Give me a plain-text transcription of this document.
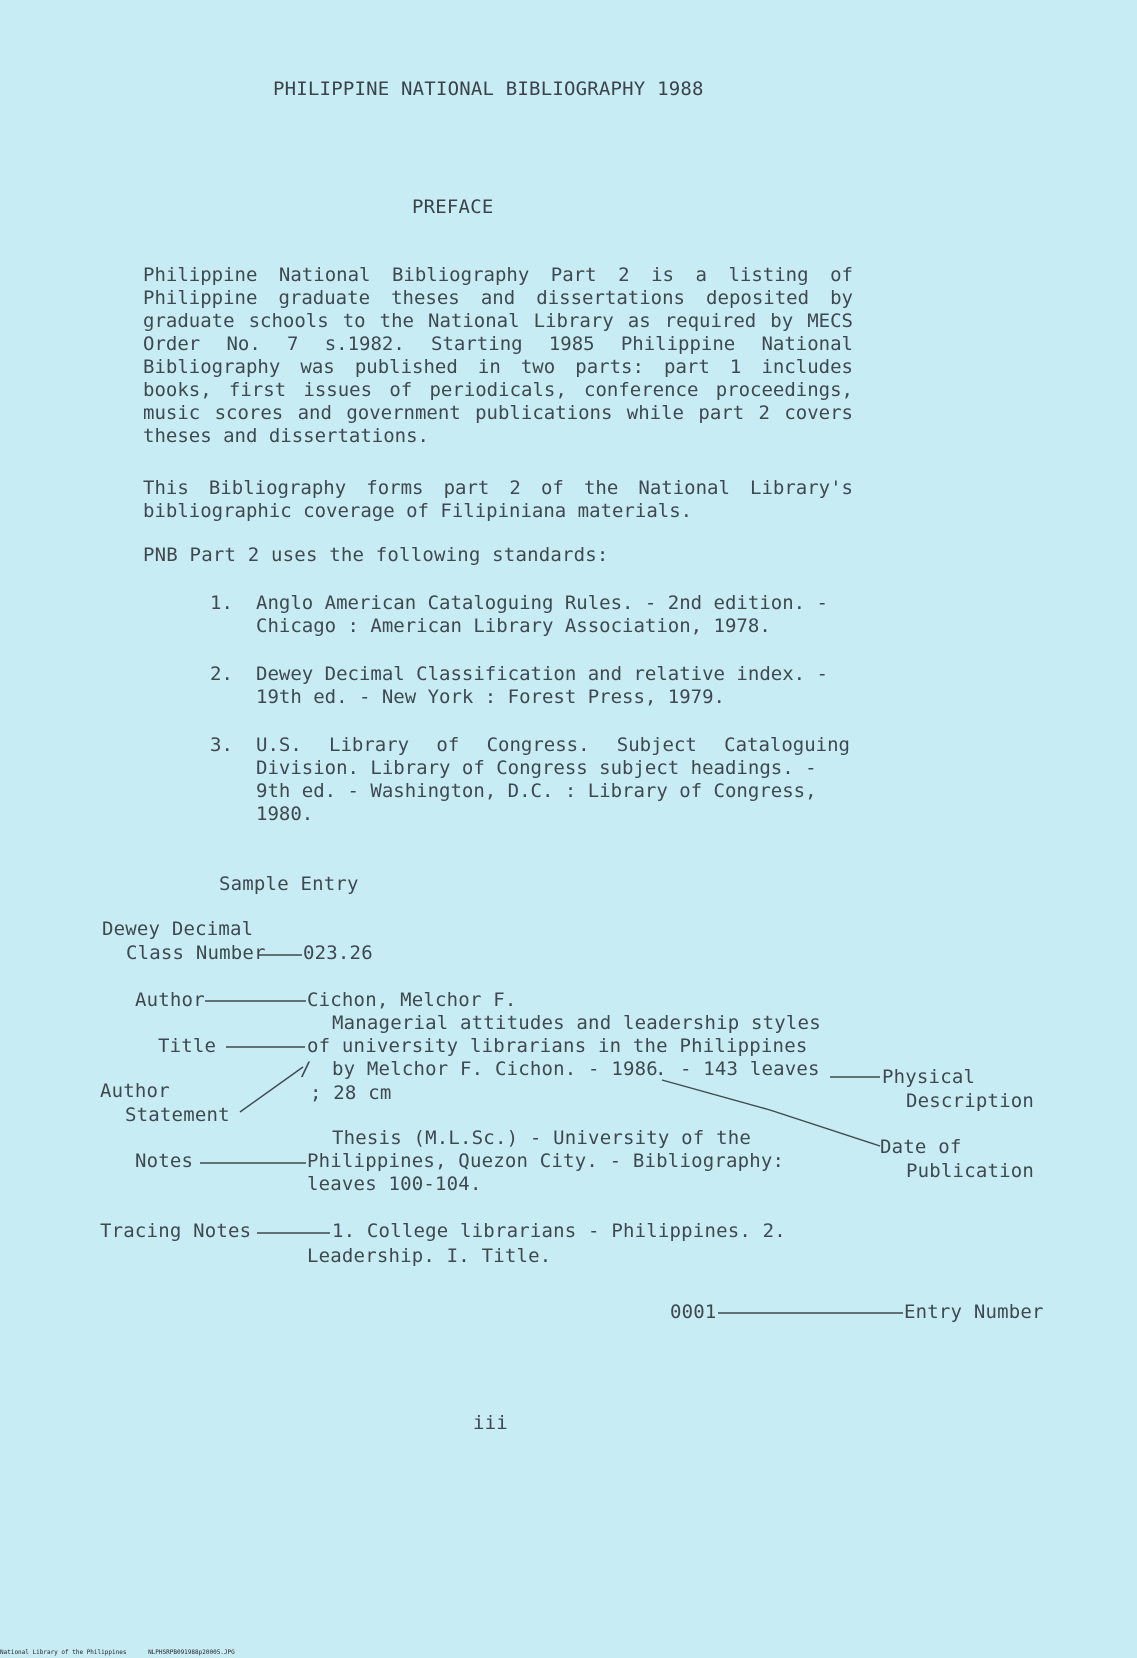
PHILIPPINE NATIONAL BIBLIOGRAPHY 1988
PREFACE
Philippine National Bibliography Part 2 is a listing of
Philippine graduate theses and dissertations deposited by
graduate schools to the National Library as required by MECS
Order No. 7 s.1982. Starting 1985 Philippine National
Bibliography was published in two parts: part 1 includes
books, first issues of periodicals, conference proceedings,
music scores and government publications while part 2 covers
theses and dissertations.
This Bibliography forms part 2 of the National Library's
bibliographic coverage of Filipiniana materials.
PNB Part 2 uses the following standards:
1. Anglo American Cataloguing Rules. - 2nd edition. -
Chicago : American Library Association, 1978.
2. Dewey Decimal Classification and relative index. -
19th ed. - New York : Forest Press, 1979.
3. U.S. Library of Congress. Subject Cataloguing
Division. Library of Congress subject headings. -
9th ed. - Washington, D.C. : Library of Congress,
1980.
Sample Entry
Dewey Decimal
Class Number
Author
Title
Author
Statement
Notes
Tracing Notes
023.26
Cichon, Melchor F.
Managerial attitudes and leadership styles
of university librarians in the Philippines
/ by Melchor F. Cichon. - 1986
. - 143 leaves
; 28 cm
Thesis (M.L.Sc.) - University of the
Philippines, Quezon City. - Bibliography:
leaves 100-104.
1. College librarians - Philippines. 2.
Leadership. I. Title.
0001
Physical
Description
Date of
Publication
Entry Number
iii
National Library of the Philippines	NLPHSRPB091988p20005.JPG
